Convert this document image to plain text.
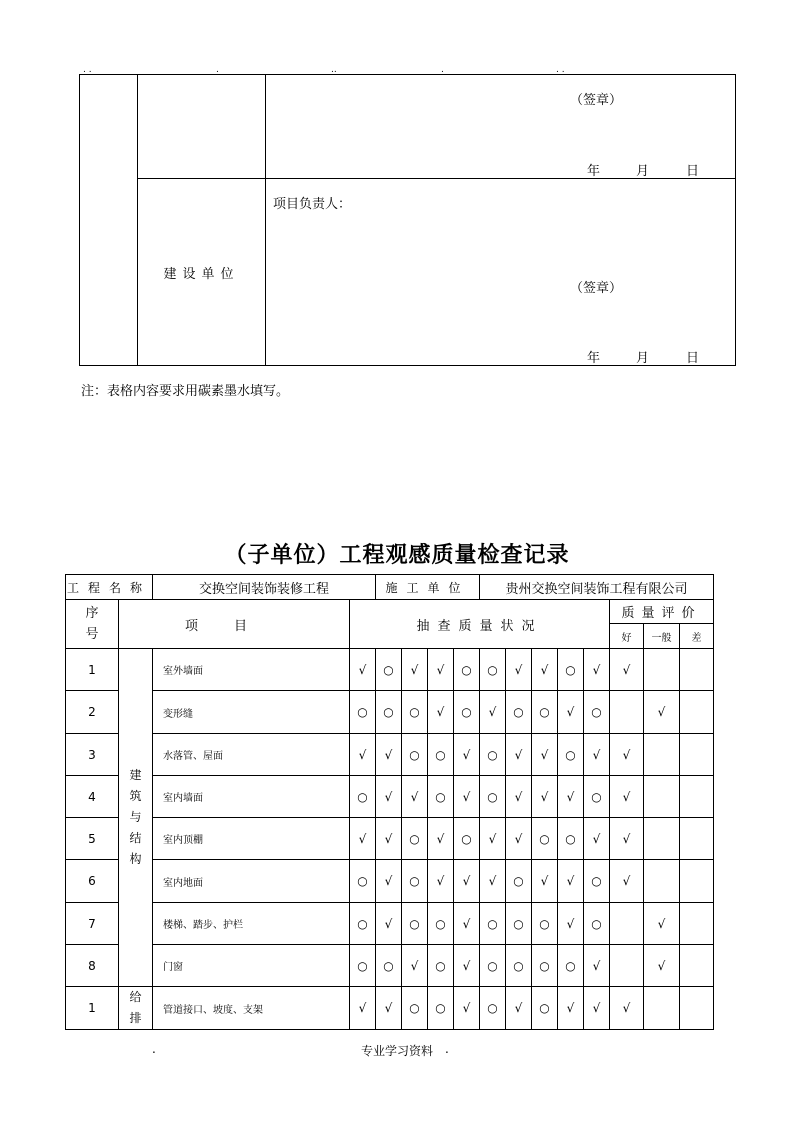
. .	.	..	.	. .

		（签章）
年 月 日

	建设单位	项目负责人：
（签章）
年 月 日
注：表格内容要求用碳素墨水填写。
（子单位）工程观感质量检查记录
工程名称		交换空间装饰装修工程		施工单位				贵州交换空间装饰工程有限公司							
序号	项目		抽查质量状况										质量评价		
													好	一般	差
1	建筑与结构	室外墙面	√	○	√	√	○	○	√	√	○	√	√		
2		变形缝	○	○	○	√	○	√	○	○	√	○		√	
3		水落管、屋面	√	√	○	○	√	○	√	√	○	√	√		
4		室内墙面	○	√	√	○	√	○	√	√	√	○	√		
5		室内顶棚	√	√	○	√	○	√	√	○	○	√	√		
6		室内地面	○	√	○	√	√	√	○	√	√	○	√		
7		楼梯、踏步、护栏	○	√	○	○	√	○	○	○	√	○		√	
8		门窗	○	○	√	○	√	○	○	○	○	√		√	
1	给排	管道接口、坡度、支架	√	√	○	○	√	○	√	○	√	√	√		
.	专业学习资料 .
